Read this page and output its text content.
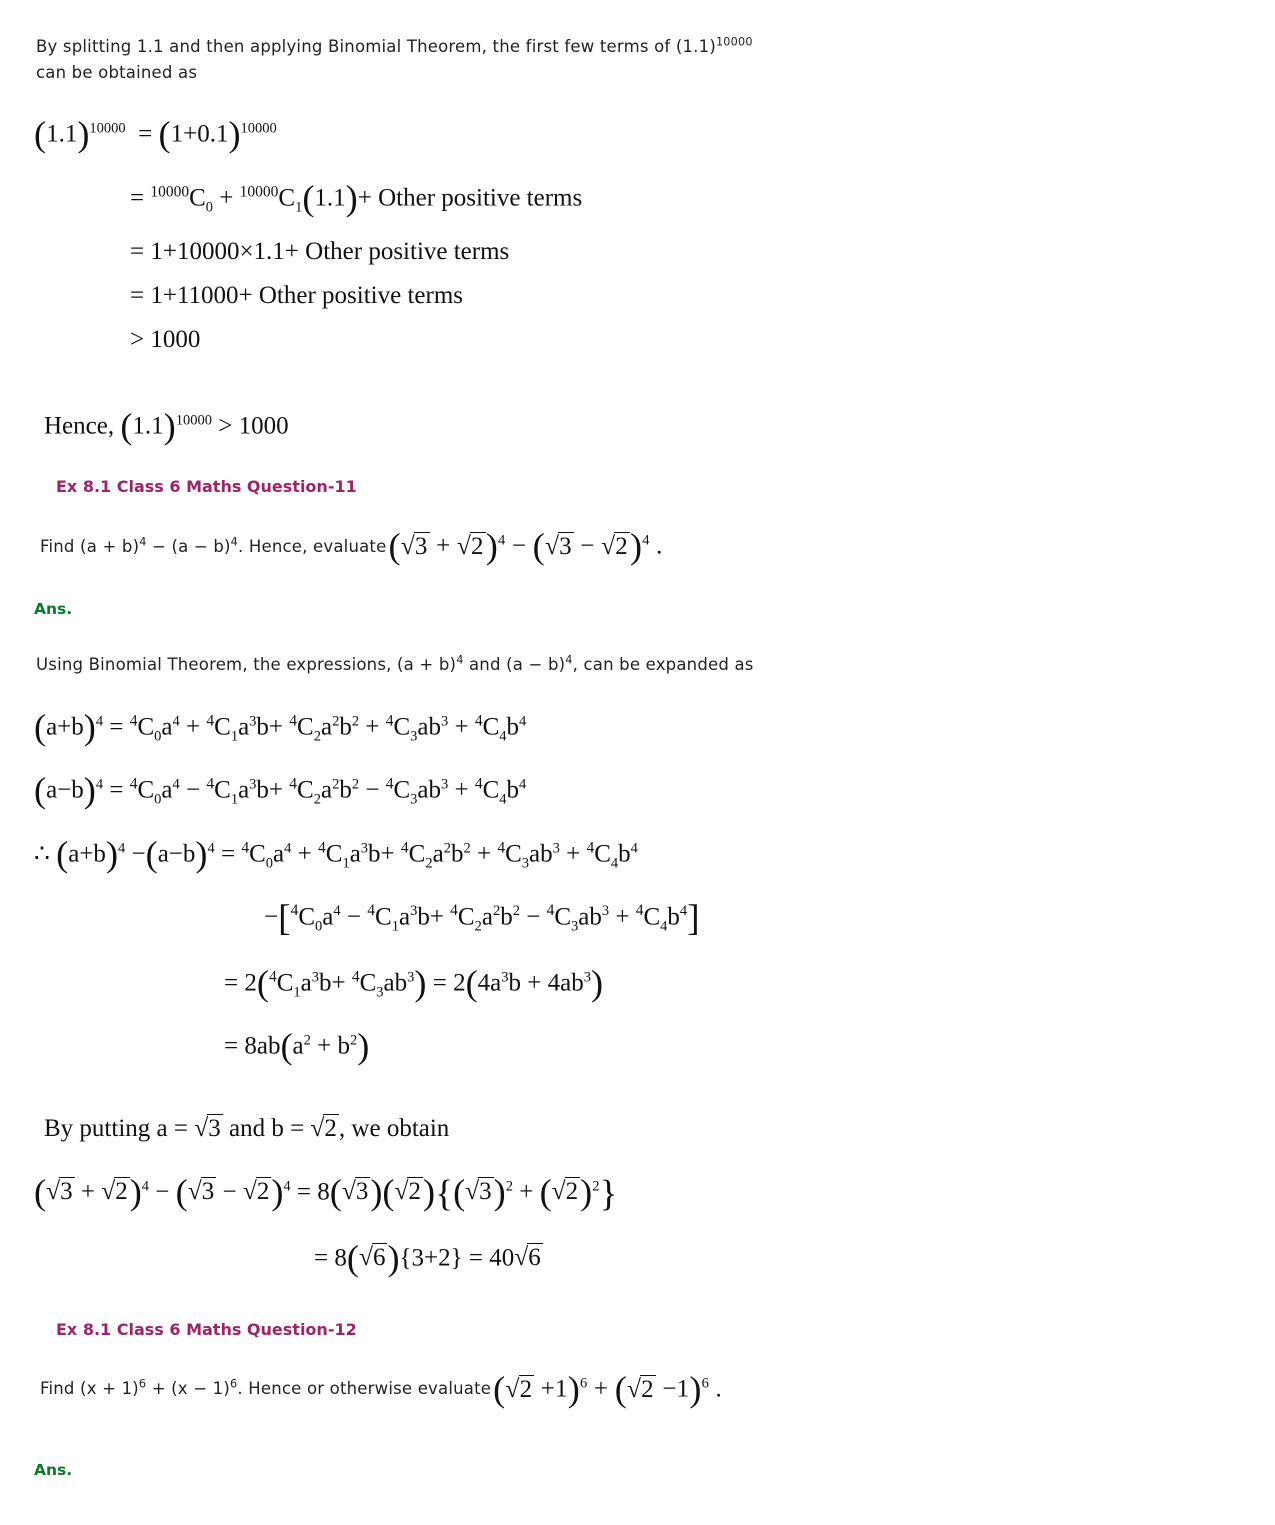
By splitting 1.1 and then applying Binomial Theorem, the first few terms of $(1.1)^{10000}$
can be obtained as
$(1.1)^{10000} = (1+0.1)^{10000}$
= $^{10000}C_0 + ^{10000}C_1(1.1)+$ Other positive terms
= 1+10000×1.1+ Other positive terms
= 1+11000+ Other positive terms
> 1000
Hence, $(1.1)^{10000} > 1000$
Ex 8.1 Class 6 Maths Question-11
Find $(a + b)^4 - (a - b)^4$. Hence, evaluate $(√3 + √2)^4 - (√3 - √2)^4$ .
Ans.
Using Binomial Theorem, the expressions, $(a + b)^4$ and $(a - b)^4$, can be expanded as
$(a+b)^4 = ^4C_0a^4 + ^4C_1a^3b+ ^4C_2a^2b^2 + ^4C_3ab^3 + ^4C_4b^4$
$(a-b)^4 = ^4C_0a^4 - ^4C_1a^3b+ ^4C_2a^2b^2 - ^4C_3ab^3 + ^4C_4b^4$
∴ $(a+b)^4 -(a-b)^4 = ^4C_0a^4 + ^4C_1a^3b+ ^4C_2a^2b^2 + ^4C_3ab^3 + ^4C_4b^4$
$-[^4C_0a^4 - ^4C_1a^3b+ ^4C_2a^2b^2 - ^4C_3ab^3 + ^4C_4b^4]$
= $2(^4C_1a^3b+ ^4C_3ab^3) = 2(4a^3b + 4ab^3)$
= $8ab(a^2 + b^2)$
By putting a = √3 and b = √2, we obtain
$(√3 + √2)^4 - (√3 - √2)^4 = 8(√3)(√2)\{(√3)^2 + (√2)^2\}$
= 8(√6){3+2} = 40√6
Ex 8.1 Class 6 Maths Question-12
Find $(x + 1)^6 + (x - 1)^6$. Hence or otherwise evaluate $(√2 +1)^6 + (√2 -1)^6$ .
Ans.
